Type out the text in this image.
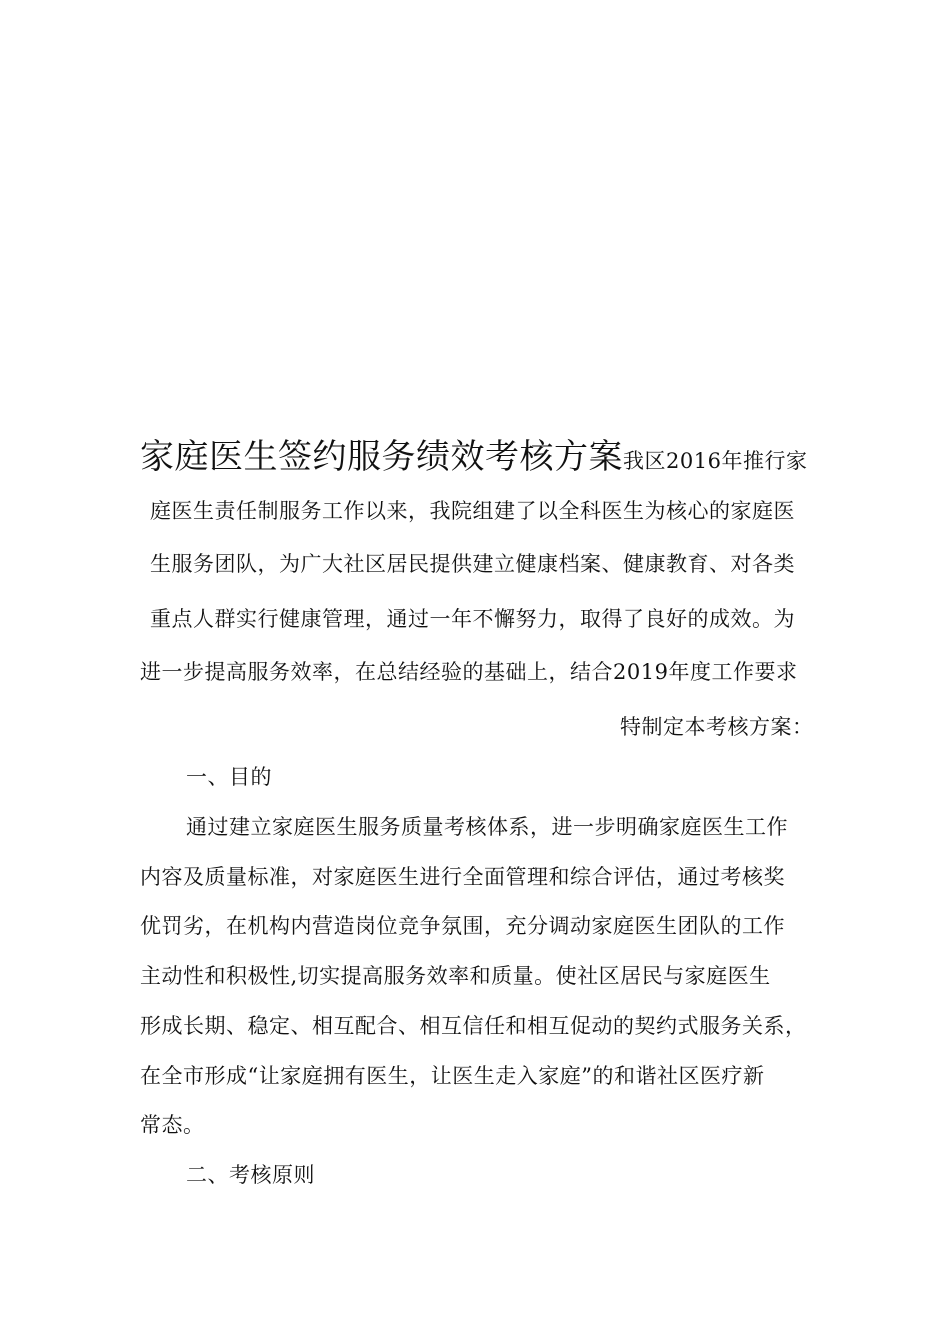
家庭医生签约服务绩效考核方案我区2016年推行家
庭医生责任制服务工作以来，我院组建了以全科医生为核心的家庭医
生服务团队，为广大社区居民提供建立健康档案、健康教育、对各类
重点人群实行健康管理，通过一年不懈努力，取得了良好的成效。为
进一步提高服务效率，在总结经验的基础上，结合2019年度工作要求
特制定本考核方案：
一、目的
通过建立家庭医生服务质量考核体系，进一步明确家庭医生工作
内容及质量标准，对家庭医生进行全面管理和综合评估，通过考核奖
优罚劣，在机构内营造岗位竞争氛围，充分调动家庭医生团队的工作
主动性和积极性,切实提高服务效率和质量。使社区居民与家庭医生
形成长期、稳定、相互配合、相互信任和相互促动的契约式服务关系，
在全市形成“让家庭拥有医生，让医生走入家庭”的和谐社区医疗新
常态。
二、考核原则
